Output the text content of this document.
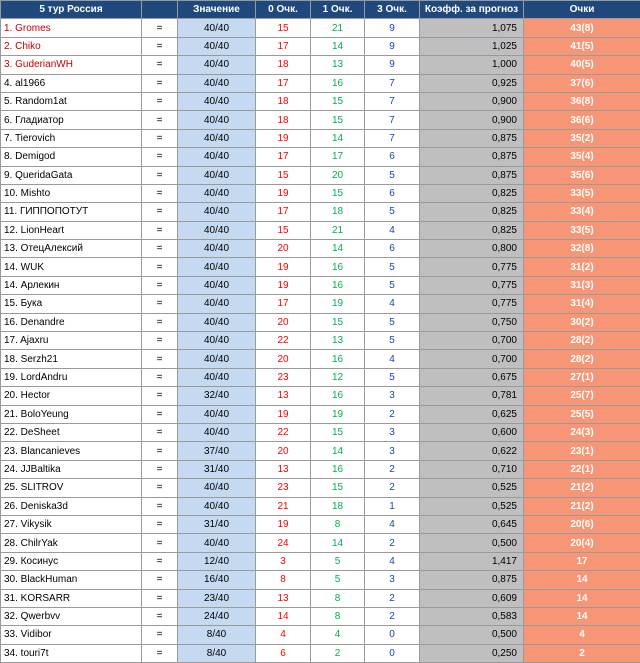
5 тур Россия		Значение	0 Очк.	1 Очк.	3 Очк.	Коэфф. за прогноз	Очки
1. Gromes	=	40/40	15	21	9	1,075	43(8)
2. Chiko	=	40/40	17	14	9	1,025	41(5)
3. GuderianWH	=	40/40	18	13	9	1,000	40(5)
4. al1966	=	40/40	17	16	7	0,925	37(6)
5. Random1at	=	40/40	18	15	7	0,900	36(8)
6. Гладиатор	=	40/40	18	15	7	0,900	36(6)
7. Tierovich	=	40/40	19	14	7	0,875	35(2)
8. Demigod	=	40/40	17	17	6	0,875	35(4)
9. QueridaGata	=	40/40	15	20	5	0,875	35(6)
10. Mishto	=	40/40	19	15	6	0,825	33(5)
11. ГИППОПОТУТ	=	40/40	17	18	5	0,825	33(4)
12. LionHeart	=	40/40	15	21	4	0,825	33(5)
13. ОтецАлексий	=	40/40	20	14	6	0,800	32(8)
14. WUK	=	40/40	19	16	5	0,775	31(2)
14. Арлекин	=	40/40	19	16	5	0,775	31(3)
15. Бука	=	40/40	17	19	4	0,775	31(4)
16. Denandre	=	40/40	20	15	5	0,750	30(2)
17. Ajaxru	=	40/40	22	13	5	0,700	28(2)
18. Serzh21	=	40/40	20	16	4	0,700	28(2)
19. LordAndru	=	40/40	23	12	5	0,675	27(1)
20. Hector	=	32/40	13	16	3	0,781	25(7)
21. BoloYeung	=	40/40	19	19	2	0,625	25(5)
22. DeSheet	=	40/40	22	15	3	0,600	24(3)
23. Blancanieves	=	37/40	20	14	3	0,622	23(1)
24. JJBaltika	=	31/40	13	16	2	0,710	22(1)
25. SLITROV	=	40/40	23	15	2	0,525	21(2)
26. Deniska3d	=	40/40	21	18	1	0,525	21(2)
27. Vikysik	=	31/40	19	8	4	0,645	20(6)
28. ChilrYak	=	40/40	24	14	2	0,500	20(4)
29. Косинус	=	12/40	3	5	4	1,417	17
30. BlackHuman	=	16/40	8	5	3	0,875	14
31. KORSARR	=	23/40	13	8	2	0,609	14
32. Qwerbvv	=	24/40	14	8	2	0,583	14
33. Vidibor	=	8/40	4	4	0	0,500	4
34. touri7t	=	8/40	6	2	0	0,250	2
